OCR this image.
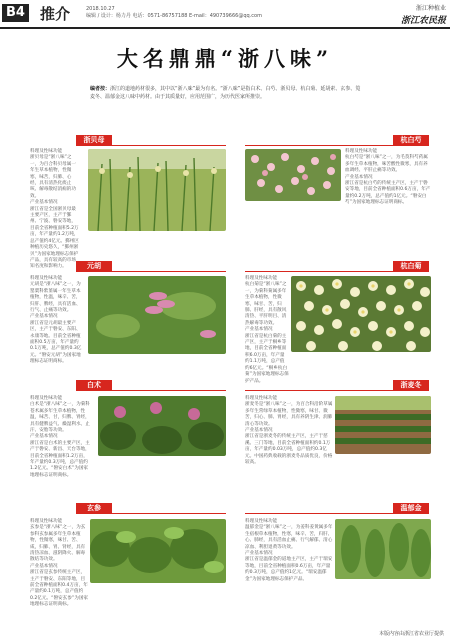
B4 推介	2018.10.27
编辑 / 设计：杨力丹 电话：0571-86757188 E-mail：490739666@qq.com
浙江种植业
浙江农民报
大名鼎鼎“浙八味”
编者按：浙江的道地药材很多，其中以“浙八味”最为有名。“浙八味”是指白术、白芍、浙贝母、杭白菊、延胡索、玄参、笕麦冬、温郁金这八味中药材。由于其质量好，应用范围广，为历代医家所推崇。
浙贝母	杭白芍

料理及性味功能
浙贝母是“浙八味”之一，为百合科贝母属一年生草本植物，性微寒，味苦，归肺、心经，具有清热化痰止咳、解毒散结消痈的功效。
产业基本情况
浙江省是全国浙贝母最主要产区，主产于鄞州、宁波、磐安等地，目前全省种植面积5.2万亩，年产量约1.2万吨，总产值约4亿元。鄞州区种植历史悠久，“鄞州浙贝”为国家地理标志保护产品，具有较高的市场知名度和影响力。

料理及性味功能
杭白芍是“浙八味”之一，为毛茛科芍药属多年生草本植物，味苦酸性微寒，具有养血调经、平肝止痛等功效。
产业基本情况
浙江省是杭白芍的传统主产区，主产于磐安等地，目前全省种植面积0.6万亩，年产量约0.2万吨，总产值约1亿元。“磐安白芍”为国家地理标志证明商标。

元胡	杭白菊

料理及性味功能
元胡是“浙八味”之一，为罂粟科紫堇属一年生草本植物，性温，味辛、苦，归肝、脾经，具有活血、行气、止痛等功效。
产业基本情况
浙江省是元胡最主要产区，主产于磐安、东阳、永康等地。目前全省种植面积0.5万亩，年产量约0.1万吨，总产值约0.3亿元。“磐安元胡”为国家地理标志证明商标。

料理及性味功能
杭白菊是“浙八味”之一，为菊科菊属多年生草本植物，性微寒，味甘、苦，归肺、肝经，具有散风清热、平肝明目、清热解毒等功效。
产业基本情况
浙江省是杭白菊的主产区，主产于桐乡等地，目前全省种植面积6.0万亩，年产量约1.1万吨，总产值约6亿元。“桐乡杭白菊”为国家地理标志保护产品。

白术	浙麦冬

料理及性味功能
白术是“浙八味”之一，为菊科苍术属多年生草本植物，性温，味苦、甘，归脾、胃经，具有健脾益气、燥湿利水、止汗、安胎等功效。
产业基本情况
浙江省是白术的主要产区，主产于磐安、新昌、天台等地，目前全省种植面积1.2万亩，年产量约0.3万吨，总产值约1.2亿元。“磐安白术”为国家地理标志证明商标。

料理及性味功能
浙麦冬是“浙八味”之一，为百合科沿阶草属多年生常绿草本植物，性微寒，味甘、微苦，归心、肺、胃经，具有养阴生津、润肺清心等功效。
产业基本情况
浙江省是浙麦冬的传统主产区，主产于慈溪、三门等地，目前全省种植面积约0.1万亩，年产量约0.03万吨，总产值约0.3亿元。中国药典收载的浙麦冬品质优良，价格较高。

玄参	温郁金

料理及性味功能
玄参是“浙八味”之一，为玄参科玄参属多年生草本植物，性微寒，味甘、苦、咸，归肺、胃、肾经，具有清热凉血、滋阴降火、解毒散结等功效。
产业基本情况
浙江省是玄参传统主产区，主产于磐安、东阳等地，目前全省种植面积0.4万亩，年产量约0.1万吨，总产值约0.2亿元。“磐安玄参”为国家地理标志证明商标。

料理及性味功能
温郁金是“浙八味”之一，为姜科姜黄属多年生宿根草本植物，性寒，味辛、苦，归肝、心、肺经，具有活血止痛、行气解郁、清心凉血、利胆退黄等功效。
产业基本情况
浙江省是温郁金的道地主产区，主产于瑞安等地，目前全省种植面积0.6万亩，年产量约0.3万吨，总产值约1亿元。“瑞安温郁金”为国家地理标志保护产品。

本版内容由浙江省农业厅提供
